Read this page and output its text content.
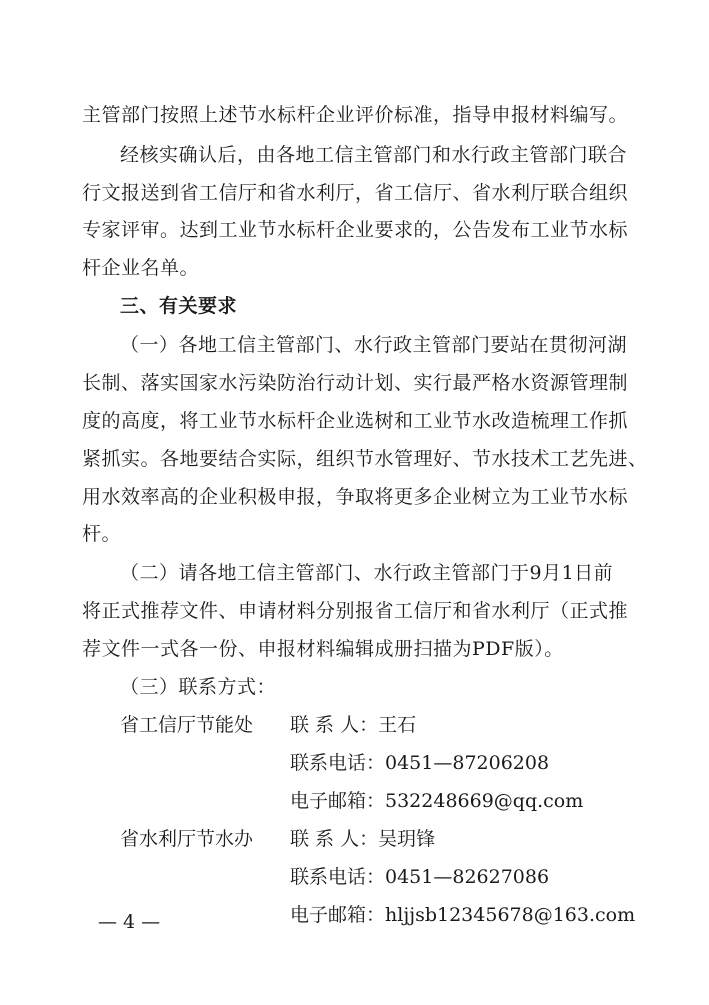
主管部门按照上述节水标杆企业评价标准，指导申报材料编写。
经核实确认后，由各地工信主管部门和水行政主管部门联合
行文报送到省工信厅和省水利厅，省工信厅、省水利厅联合组织
专家评审。达到工业节水标杆企业要求的，公告发布工业节水标
杆企业名单。
三、有关要求
（一）各地工信主管部门、水行政主管部门要站在贯彻河湖
长制、落实国家水污染防治行动计划、实行最严格水资源管理制
度的高度，将工业节水标杆企业选树和工业节水改造梳理工作抓
紧抓实。各地要结合实际，组织节水管理好、节水技术工艺先进、
用水效率高的企业积极申报，争取将更多企业树立为工业节水标
杆。
（二）请各地工信主管部门、水行政主管部门于9月1日前
将正式推荐文件、申请材料分别报省工信厅和省水利厅（正式推
荐文件一式各一份、申报材料编辑成册扫描为PDF版）。
（三）联系方式：
省工信厅节能处 联 系 人：王石
联系电话：0451—87206208
电子邮箱：532248669@qq.com
省水利厅节水办 联 系 人：吴玥锋
联系电话：0451—82627086
电子邮箱：hljjsb12345678@163.com
— 4 —
